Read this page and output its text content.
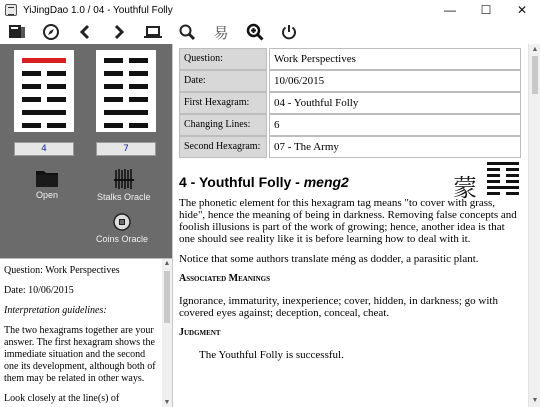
YiJingDao 1.0 / 04 - Youthful Folly	—	☐	✕
易
4	7
Open	Stalks Oracle
Coins Oracle

Question: Work Perspectives

Date: 10/06/2015

Interpretation guidelines:

The two hexagrams together are your answer. The first hexagram shows the immediate situation and the second one its development, although both of them may be related in other ways.

Look closely at the line(s) of

▲
▼
Question:	Work Perspectives
Date:	10/06/2015
First Hexagram:	04 - Youthful Folly
Changing Lines:	6
Second Hexagram:	07 - The Army
4 - Youthful Folly - meng2	蒙

The phonetic element for this hexagram tag means "to cover with grass, hide", hence the meaning of being in darkness. Removing false concepts and foolish illusions is part of the work of growing; hence, another idea is that one should see reality like it is before learning how to deal with it.

Notice that some authors translate méng as dodder, a parasitic plant.

Associated Meanings

Ignorance, immaturity, inexperience; cover, hidden, in darkness; go with covered eyes against; deception, conceal, cheat.

Judgment

The Youthful Folly is successful.

▲
▼
